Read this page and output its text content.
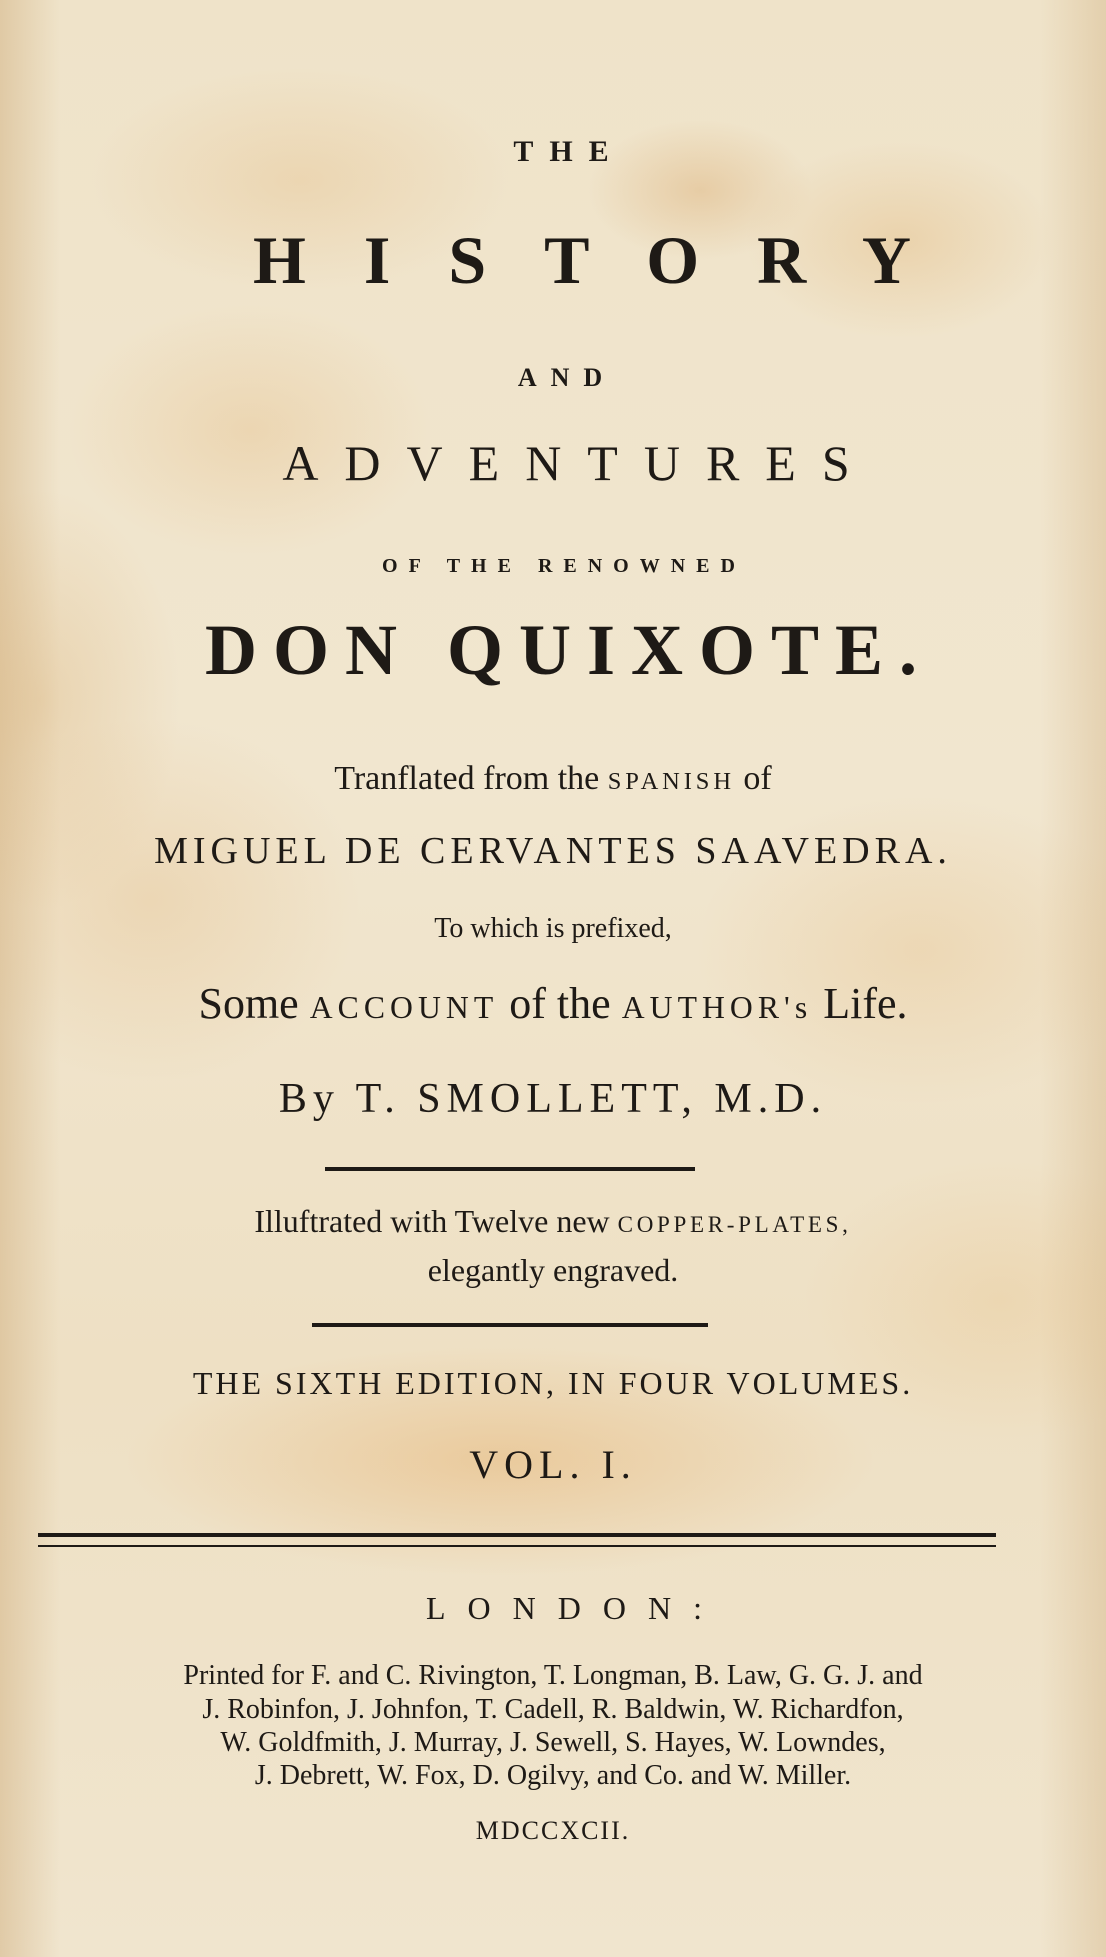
THE
HISTORY
AND
ADVENTURES
OF THE RENOWNED
DON QUIXOTE.
Tranflated from the SPANISH of
MIGUEL DE CERVANTES SAAVEDRA.
To which is prefixed,
Some ACCOUNT of the AUTHOR's Life.
By T. SMOLLETT, M.D.
Illuftrated with Twelve new COPPER-PLATES,
elegantly engraved.
THE SIXTH EDITION, IN FOUR VOLUMES.
VOL. I.
LONDON:
Printed for F. and C. Rivington, T. Longman, B. Law, G. G. J. and
J. Robinfon, J. Johnfon, T. Cadell, R. Baldwin, W. Richardfon,
W. Goldfmith, J. Murray, J. Sewell, S. Hayes, W. Lowndes,
J. Debrett, W. Fox, D. Ogilvy, and Co. and W. Miller.
MDCCXCII.
